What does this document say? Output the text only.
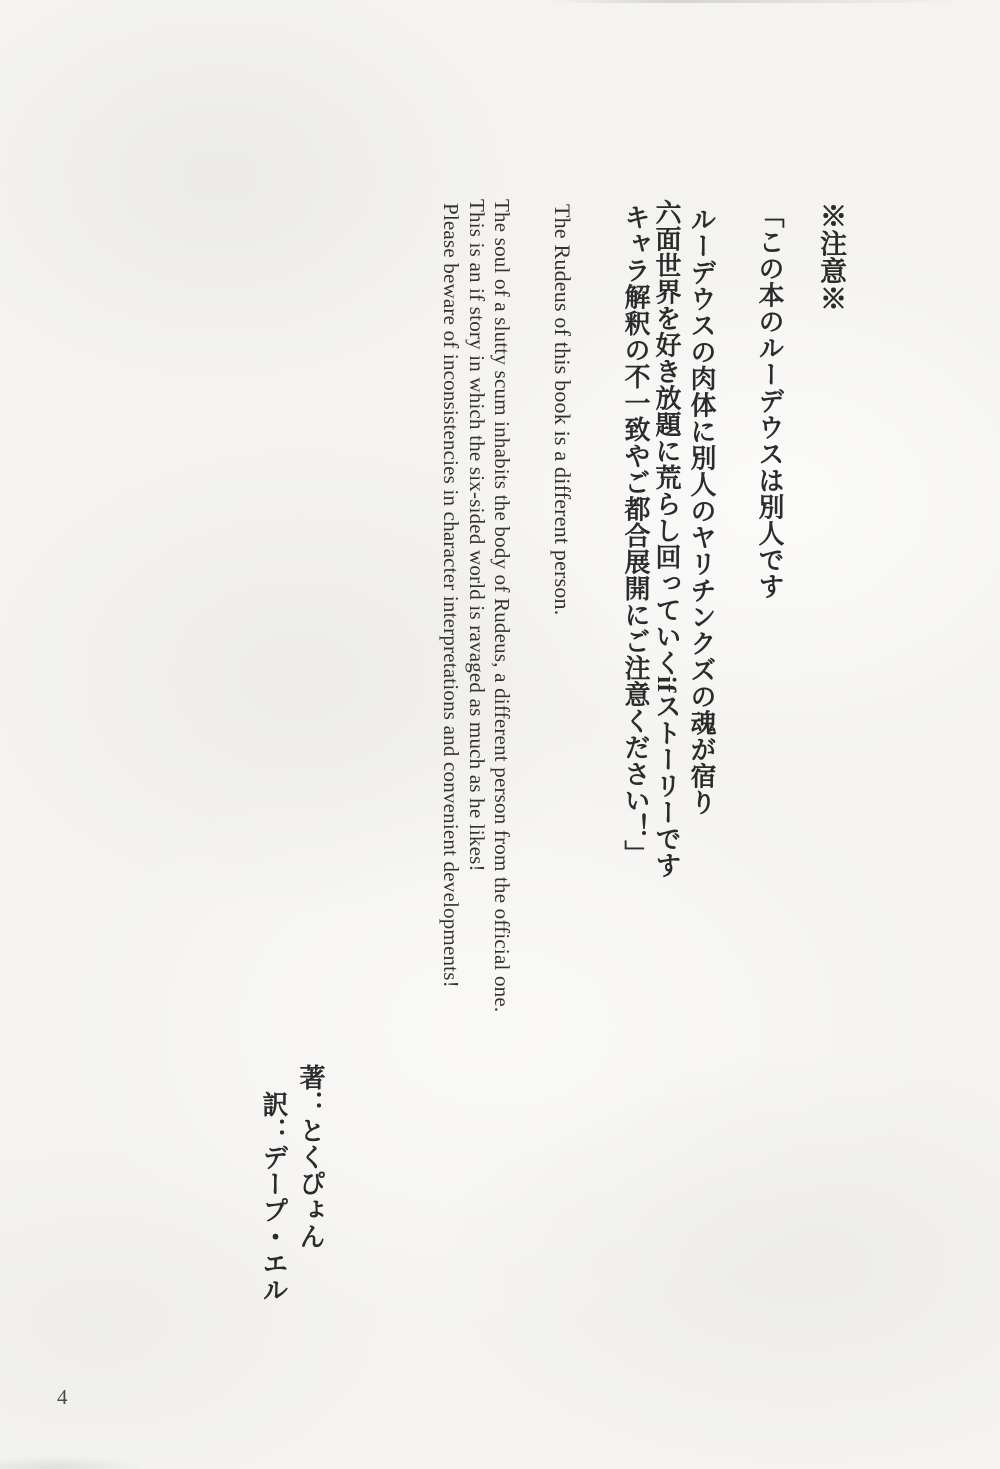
※注意※
「この本のルーデウスは別人です
ルーデウスの肉体に別人のヤリチンクズの魂が宿り
六面世界を好き放題に荒らし回っていくifストーリーです
キャラ解釈の不一致やご都合展開にご注意ください！」
The Rudeus of this book is a different person.
The soul of a slutty scum inhabits the body of Rudeus, a different person from the official one.
This is an if story in which the six-sided world is ravaged as much as he likes!
Please beware of inconsistencies in character interpretations and convenient developments!
著：とくぴょん
訳：デープ・エル
4
